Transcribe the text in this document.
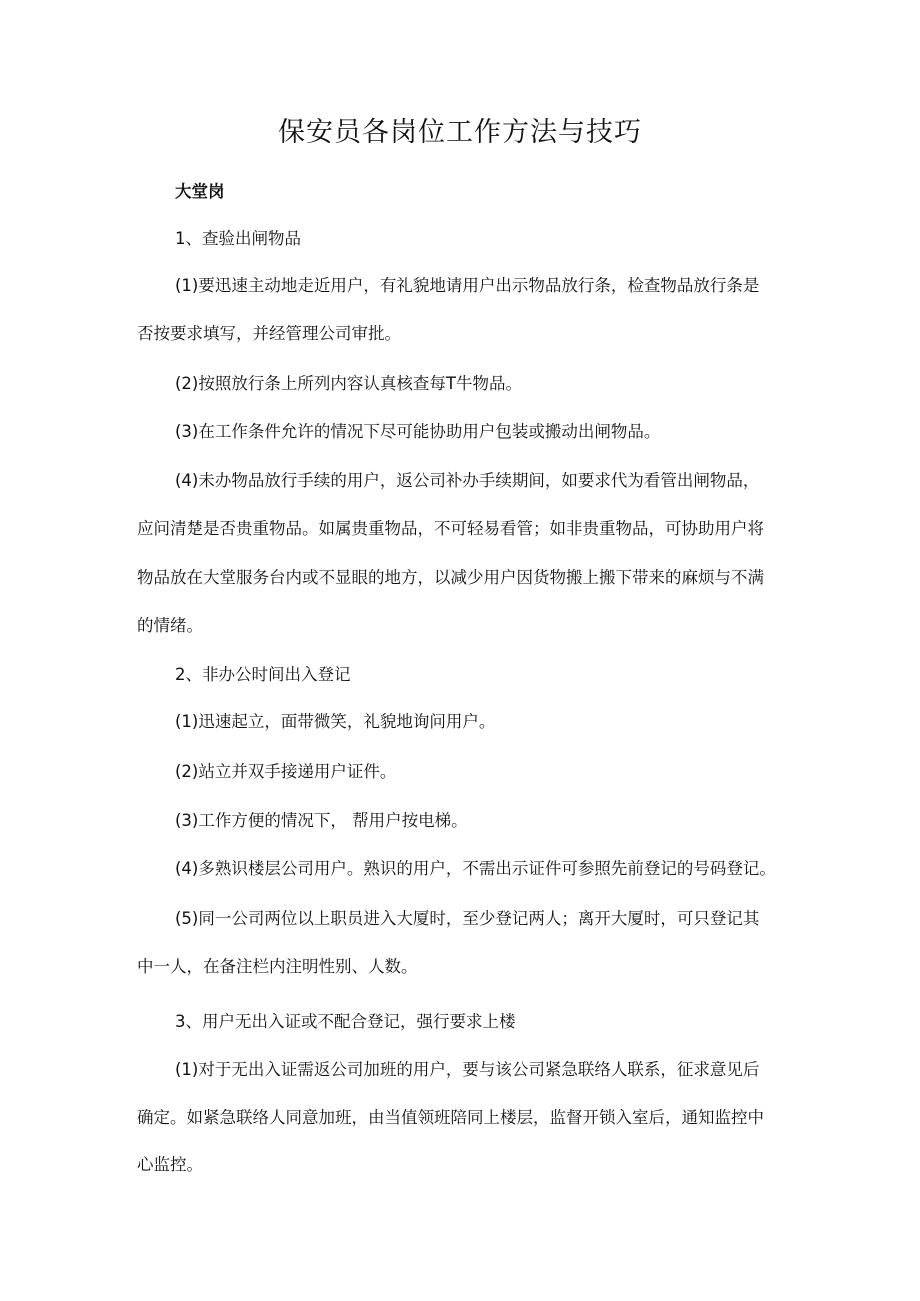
保安员各岗位工作方法与技巧
大堂岗
1、查验出闸物品
(1)要迅速主动地走近用户，有礼貌地请用户出示物品放行条，检查物品放行条是
否按要求填写，并经管理公司审批。
(2)按照放行条上所列内容认真核查每T牛物品。
(3)在工作条件允许的情况下尽可能协助用户包装或搬动出闸物品。
(4)未办物品放行手续的用户，返公司补办手续期间，如要求代为看管出闸物品，
应问清楚是否贵重物品。如属贵重物品，不可轻易看管；如非贵重物品，可协助用户将
物品放在大堂服务台内或不显眼的地方，以减少用户因货物搬上搬下带来的麻烦与不满
的情绪。
2、非办公时间出入登记
(1)迅速起立，面带微笑，礼貌地询问用户。
(2)站立并双手接递用户证件。
(3)工作方便的情况下， 帮用户按电梯。
(4)多熟识楼层公司用户。熟识的用户，不需出示证件可参照先前登记的号码登记。
(5)同一公司两位以上职员进入大厦时，至少登记两人；离开大厦时，可只登记其
中一人，在备注栏内注明性别、人数。
3、用户无出入证或不配合登记，强行要求上楼
(1)对于无出入证需返公司加班的用户，要与该公司紧急联络人联系，征求意见后
确定。如紧急联络人同意加班，由当值领班陪同上楼层，监督开锁入室后，通知监控中
心监控。
